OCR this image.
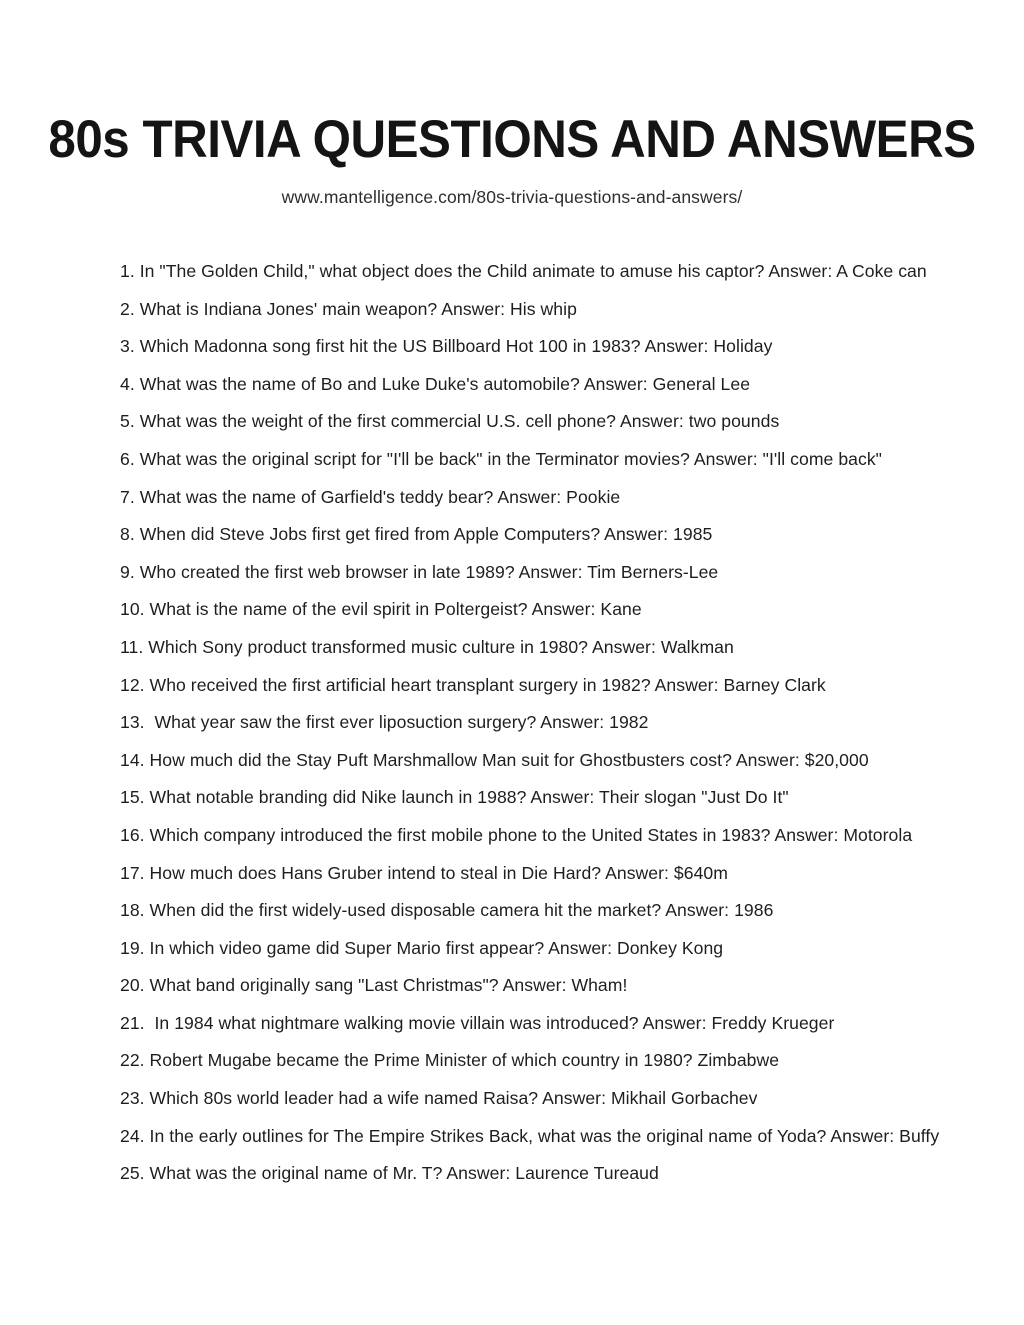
80s TRIVIA QUESTIONS AND ANSWERS

www.mantelligence.com/80s-trivia-questions-and-answers/

1. In "The Golden Child," what object does the Child animate to amuse his captor? Answer: A Coke can
2. What is Indiana Jones' main weapon? Answer: His whip
3. Which Madonna song first hit the US Billboard Hot 100 in 1983? Answer: Holiday
4. What was the name of Bo and Luke Duke's automobile? Answer: General Lee
5. What was the weight of the first commercial U.S. cell phone? Answer: two pounds
6. What was the original script for "I'll be back" in the Terminator movies? Answer: "I'll come back"
7. What was the name of Garfield's teddy bear? Answer: Pookie
8. When did Steve Jobs first get fired from Apple Computers? Answer: 1985
9. Who created the first web browser in late 1989? Answer: Tim Berners-Lee
10. What is the name of the evil spirit in Poltergeist? Answer: Kane
11. Which Sony product transformed music culture in 1980? Answer: Walkman
12. Who received the first artificial heart transplant surgery in 1982? Answer: Barney Clark
13.  What year saw the first ever liposuction surgery? Answer: 1982
14. How much did the Stay Puft Marshmallow Man suit for Ghostbusters cost? Answer: $20,000
15. What notable branding did Nike launch in 1988? Answer: Their slogan "Just Do It"
16. Which company introduced the first mobile phone to the United States in 1983? Answer: Motorola
17. How much does Hans Gruber intend to steal in Die Hard? Answer: $640m
18. When did the first widely-used disposable camera hit the market? Answer: 1986
19. In which video game did Super Mario first appear? Answer: Donkey Kong
20. What band originally sang "Last Christmas"? Answer: Wham!
21.  In 1984 what nightmare walking movie villain was introduced? Answer: Freddy Krueger
22. Robert Mugabe became the Prime Minister of which country in 1980? Zimbabwe
23. Which 80s world leader had a wife named Raisa? Answer: Mikhail Gorbachev
24. In the early outlines for The Empire Strikes Back, what was the original name of Yoda? Answer: Buffy
25. What was the original name of Mr. T? Answer: Laurence Tureaud
